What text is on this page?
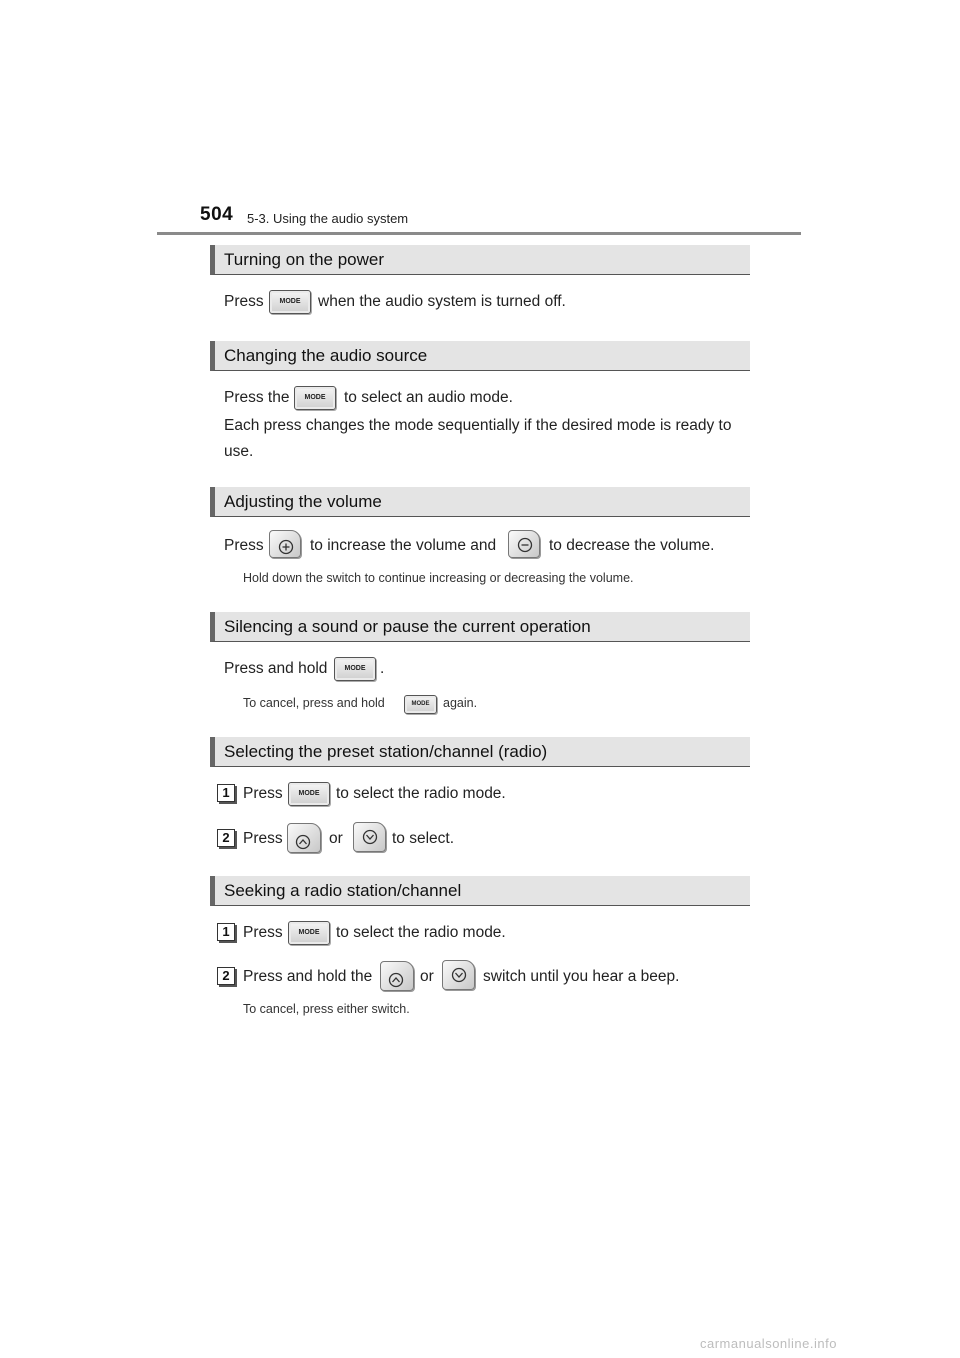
504 5-3. Using the audio system
Turning on the power
Press	MODE	when the audio system is turned off.
Changing the audio source
Press the	MODE	to select an audio mode.
Each press changes the mode sequentially if the desired mode is ready to use.
Adjusting the volume
Press	to increase the volume and	to decrease the volume.
Hold down the switch to continue increasing or decreasing the volume.
Silencing a sound or pause the current operation
Press and hold	MODE .
To cancel, press and hold	MODE	again.
Selecting the preset station/channel (radio)
1 Press	MODE	to select the radio mode.
2 Press	or	to select.
Seeking a radio station/channel
1 Press	MODE	to select the radio mode.
2 Press and hold the	or	switch until you hear a beep.
To cancel, press either switch.
carmanualsonline.info
